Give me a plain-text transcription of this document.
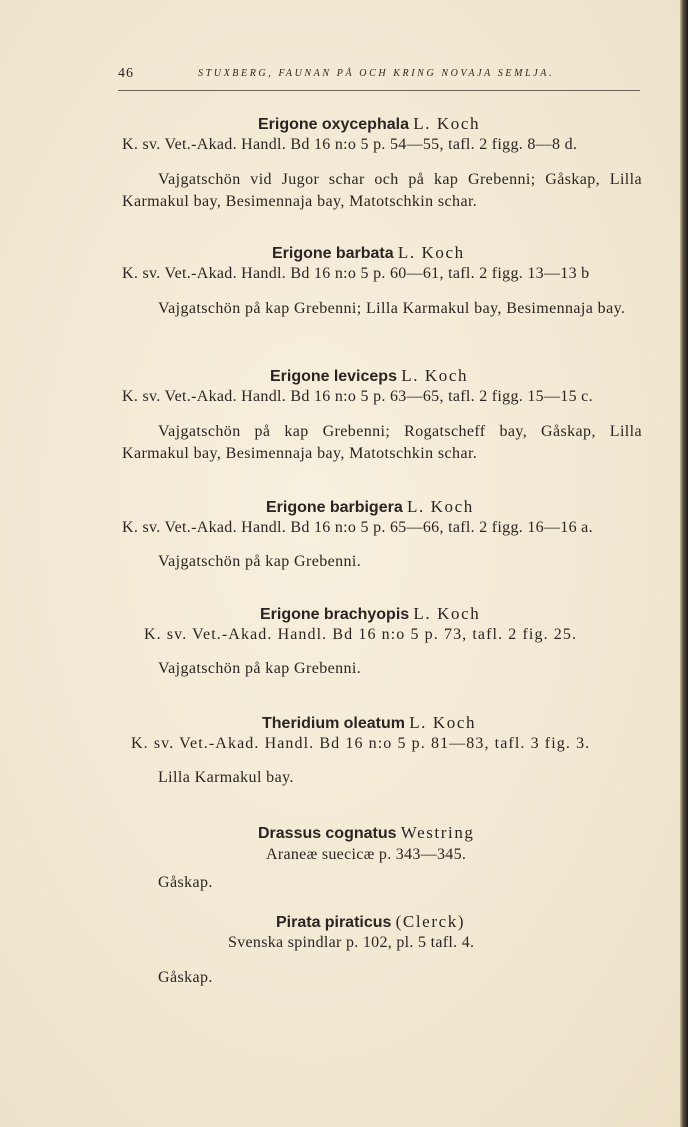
46	STUXBERG, FAUNAN PÅ OCH KRING NOVAJA SEMLJA.
Erigone oxycephala L. Koch
K. sv. Vet.-Akad. Handl. Bd 16 n:o 5 p. 54—55, tafl. 2 figg. 8—8 d.
Vajgatschön vid Jugor schar och på kap Grebenni; Gåskap, Lilla Karmakul bay, Besimennaja bay, Matotschkin schar.
Erigone barbata L. Koch
K. sv. Vet.-Akad. Handl. Bd 16 n:o 5 p. 60—61, tafl. 2 figg. 13—13 b
Vajgatschön på kap Grebenni; Lilla Karmakul bay, Besimennaja bay.
Erigone leviceps L. Koch
K. sv. Vet.-Akad. Handl. Bd 16 n:o 5 p. 63—65, tafl. 2 figg. 15—15 c.
Vajgatschön på kap Grebenni; Rogatscheff bay, Gåskap, Lilla Karmakul bay, Besimennaja bay, Matotschkin schar.
Erigone barbigera L. Koch
K. sv. Vet.-Akad. Handl. Bd 16 n:o 5 p. 65—66, tafl. 2 figg. 16—16 a.
Vajgatschön på kap Grebenni.
Erigone brachyopis L. Koch
K. sv. Vet.-Akad. Handl. Bd 16 n:o 5 p. 73, tafl. 2 fig. 25.
Vajgatschön på kap Grebenni.
Theridium oleatum L. Koch
K. sv. Vet.-Akad. Handl. Bd 16 n:o 5 p. 81—83, tafl. 3 fig. 3.
Lilla Karmakul bay.
Drassus cognatus Westring
Araneæ suecicæ p. 343—345.
Gåskap.
Pirata piraticus (Clerck)
Svenska spindlar p. 102, pl. 5 tafl. 4.
Gåskap.
